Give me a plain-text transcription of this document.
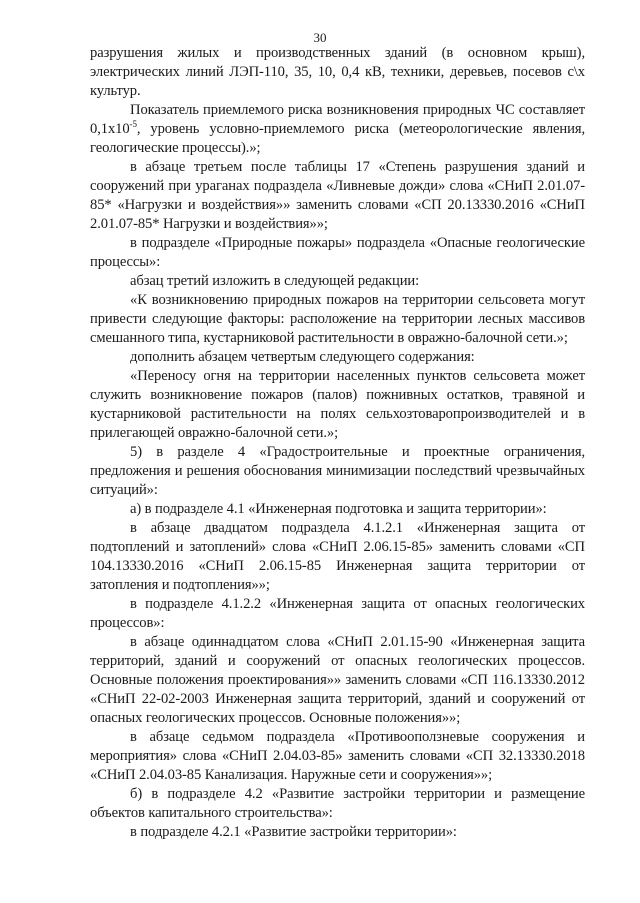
30

разрушения жилых и производственных зданий (в основном крыш), электрических линий ЛЭП-110, 35, 10, 0,4 кВ, техники, деревьев, посевов с\х культур.

Показатель приемлемого риска возникновения природных ЧС составляет $0,1х10^{-5}$, уровень условно-приемлемого риска (метеорологические явления, геологические процессы).»;

в абзаце третьем после таблицы 17 «Степень разрушения зданий и сооружений при ураганах подраздела «Ливневые дожди» слова «СНиП 2.01.07-85* «Нагрузки и воздействия»» заменить словами «СП 20.13330.2016 «СНиП 2.01.07-85* Нагрузки и воздействия»»;

в подразделе «Природные пожары» подраздела «Опасные геологические процессы»:

абзац третий изложить в следующей редакции:

«К возникновению природных пожаров на территории сельсовета могут привести следующие факторы: расположение на территории лесных массивов смешанного типа, кустарниковой растительности в овражно-балочной сети.»;

дополнить абзацем четвертым следующего содержания:

«Переносу огня на территории населенных пунктов сельсовета может служить возникновение пожаров (палов) пожнивных остатков, травяной и кустарниковой растительности на полях сельхозтоваропроизводителей и в прилегающей овражно-балочной сети.»;

5) в разделе 4 «Градостроительные и проектные ограничения, предложения и решения обоснования минимизации последствий чрезвычайных ситуаций»:

а) в подразделе 4.1 «Инженерная подготовка и защита территории»:

в абзаце двадцатом подраздела 4.1.2.1 «Инженерная защита от подтоплений и затоплений» слова «СНиП 2.06.15-85» заменить словами «СП 104.13330.2016 «СНиП 2.06.15-85 Инженерная защита территории от затопления и подтопления»»;

в подразделе 4.1.2.2 «Инженерная защита от опасных геологических процессов»:

в абзаце одиннадцатом слова «СНиП 2.01.15-90 «Инженерная защита территорий, зданий и сооружений от опасных геологических процессов. Основные положения проектирования»» заменить словами «СП 116.13330.2012 «СНиП 22-02-2003 Инженерная защита территорий, зданий и сооружений от опасных геологических процессов. Основные положения»»;

в абзаце седьмом подраздела «Противооползневые сооружения и мероприятия» слова «СНиП 2.04.03-85» заменить словами «СП 32.13330.2018 «СНиП 2.04.03-85 Канализация. Наружные сети и сооружения»»;

б) в подразделе 4.2 «Развитие застройки территории и размещение объектов капитального строительства»:

в подразделе 4.2.1 «Развитие застройки территории»:
